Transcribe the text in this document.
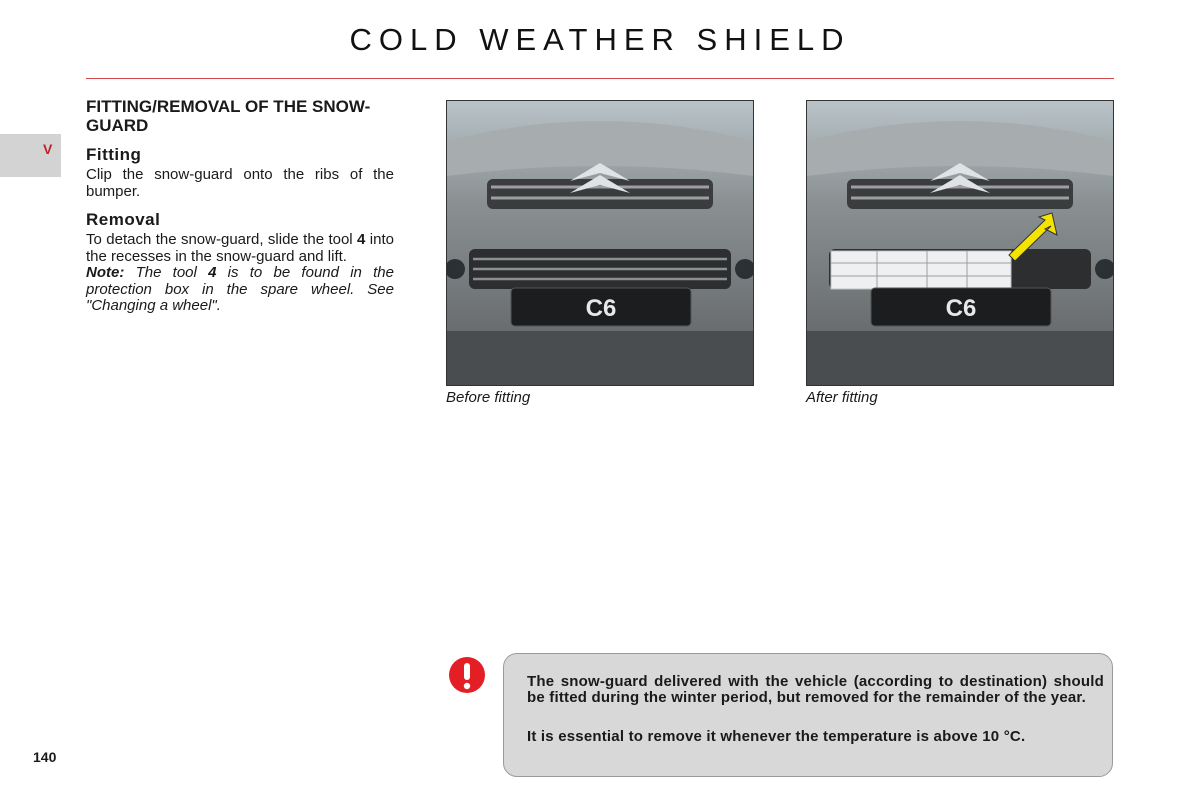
COLD WEATHER SHIELD
V
FITTING/REMOVAL OF THE SNOW-GUARD
Fitting

Clip the snow-guard onto the ribs of the bumper.

Removal

To detach the snow-guard, slide the tool 4 into the recesses in the snow-guard and lift.

Note: The tool 4 is to be found in the protection box in the spare wheel. See "Changing a wheel".	C6
Before fitting
C6
After fitting

The snow-guard delivered with the vehicle (according to destination) should be fitted during the winter period, but removed for the remainder of the year.

It is essential to remove it whenever the temperature is above 10 °C.

140
